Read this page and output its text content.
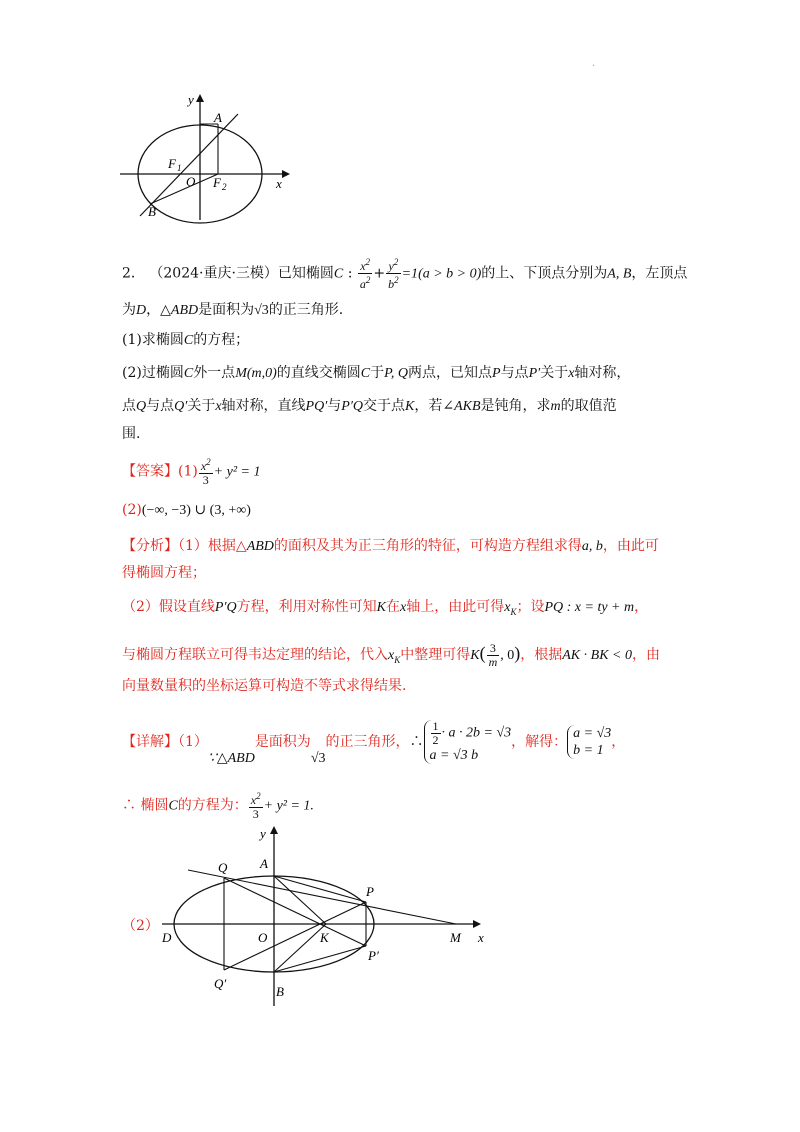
.
y
A
F 1
O F 2	x
B
2． （2024·重庆·三模）已知椭圆C : $\frac{x^2}{a^2} + \frac{y^2}{b^2} =1(a > b > 0)$的上、下顶点分别为A, B，左顶点
为D，△ABD是面积为√3的正三角形.
(1)求椭圆C的方程；
(2)过椭圆C外一点M(m,0)的直线交椭圆C于P, Q两点，已知点P与点P′关于x轴对称，
点Q与点Q′关于x轴对称，直线PQ′与P′Q交于点K，若∠AKB是钝角，求m的取值范
围.
【答案】$(1) \frac{x^2}{3} + y^2 = 1$
(2)(−∞, −3) ∪ (3, +∞)
【分析】（1）根据△ABD的面积及其为正三角形的特征，可构造方程组求得a, b，由此可
得椭圆方程；
（2）假设直线P′Q方程，利用对称性可知K在x轴上，由此可得$x_K$；设PQ : x = ty + m，
与椭圆方程联立可得韦达定理的结论，代入$x_K$中整理可得$K( \frac{3}{m}$ , 0)，根据AK · BK < 0，由
向量数量积的坐标运算可构造不等式求得结果.
【详解】（1）∵△ABD是面积为√3的正三角形，∴ $\frac{1}{2} \cdot a \cdot 2b = √3$
a = √3 b
，解得：
a = √3
b = 1
，
∴ 椭圆C的方程为： $\frac{x^2}{3} + y^2 = 1$.
（2）
y
A
Q
P
D	O	K
P′
M x
Q′
B
